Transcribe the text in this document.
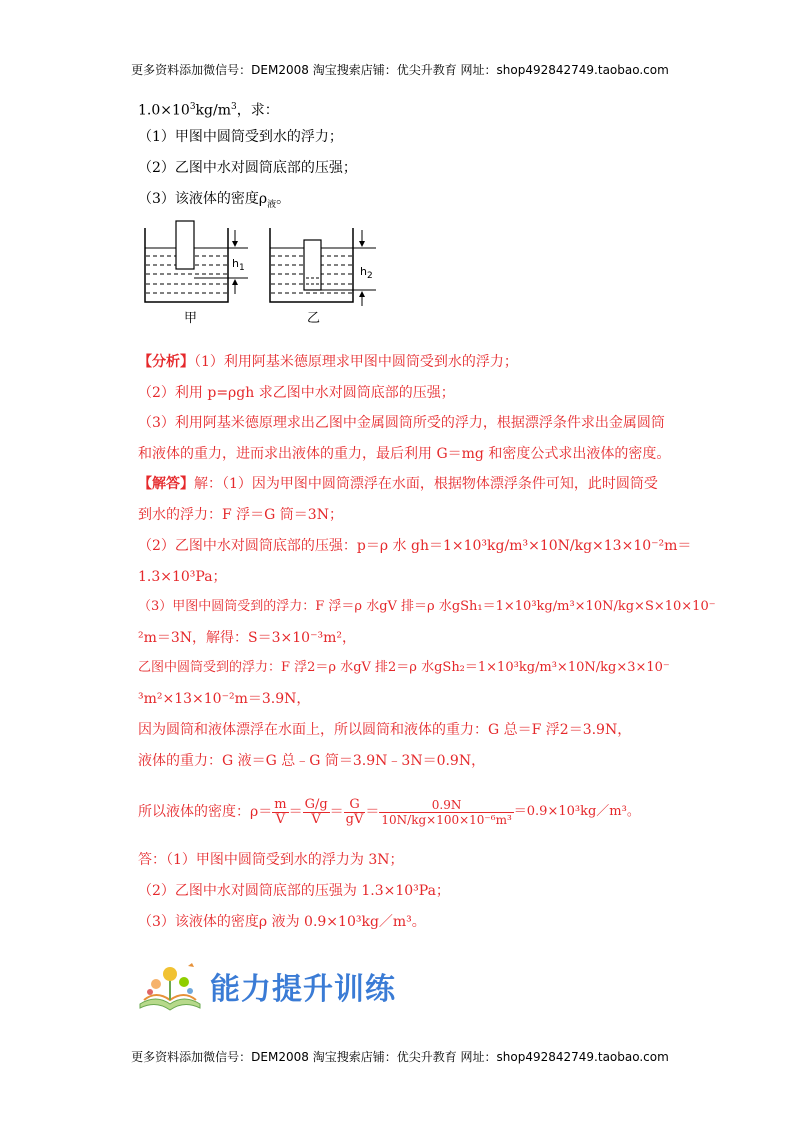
更多资料添加微信号：DEM2008 淘宝搜索店铺：优尖升教育 网址：shop492842749.taobao.com
$1.0\times 10^3kg/m^3$，求：
（1）甲图中圆筒受到水的浮力；
（2）乙图中水对圆筒底部的压强；
（3）该液体的密度$\rho_液$。
$h_1$	$h_2$
甲	乙
【分析】（1）利用阿基米德原理求甲图中圆筒受到水的浮力；
（2）利用 p=ρgh 求乙图中水对圆筒底部的压强；
（3）利用阿基米德原理求出乙图中金属圆筒所受的浮力，根据漂浮条件求出金属圆筒
和液体的重力，进而求出液体的重力，最后利用 G＝mg 和密度公式求出液体的密度。
【解答】解：（1）因为甲图中圆筒漂浮在水面，根据物体漂浮条件可知，此时圆筒受
到水的浮力：F 浮＝G 筒＝3N；
（2）乙图中水对圆筒底部的压强：p＝ρ 水 gh＝1×10³kg/m³×10N/kg×13×10⁻²m＝
1.3×10³Pa；
（3）甲图中圆筒受到的浮力：F 浮＝ρ 水gV 排＝ρ 水gSh₁＝1×10³kg/m³×10N/kg×S×10×10⁻
²m＝3N，解得：S＝3×10⁻³m²，
乙图中圆筒受到的浮力：F 浮2＝ρ 水gV 排2＝ρ 水gSh₂＝1×10³kg/m³×10N/kg×3×10⁻
³m²×13×10⁻²m＝3.9N，
因为圆筒和液体漂浮在水面上，所以圆筒和液体的重力：G 总＝F 浮2＝3.9N，
液体的重力：G 液＝G 总﹣G 筒＝3.9N﹣3N＝0.9N，
所以液体的密度：$\rho= \frac{m}{V} = \frac{G/g}{V} = \frac{G}{gV} = \frac{0.9N}{\text{10N/kg×100×10⁻⁶m³}}$ ＝0.9×10³kg／m³。
答：（1）甲图中圆筒受到水的浮力为 3N；
（2）乙图中水对圆筒底部的压强为 1.3×10³Pa；
（3）该液体的密度ρ 液为 0.9×10³kg／m³。
能力提升训练
更多资料添加微信号：DEM2008 淘宝搜索店铺：优尖升教育 网址：shop492842749.taobao.com
